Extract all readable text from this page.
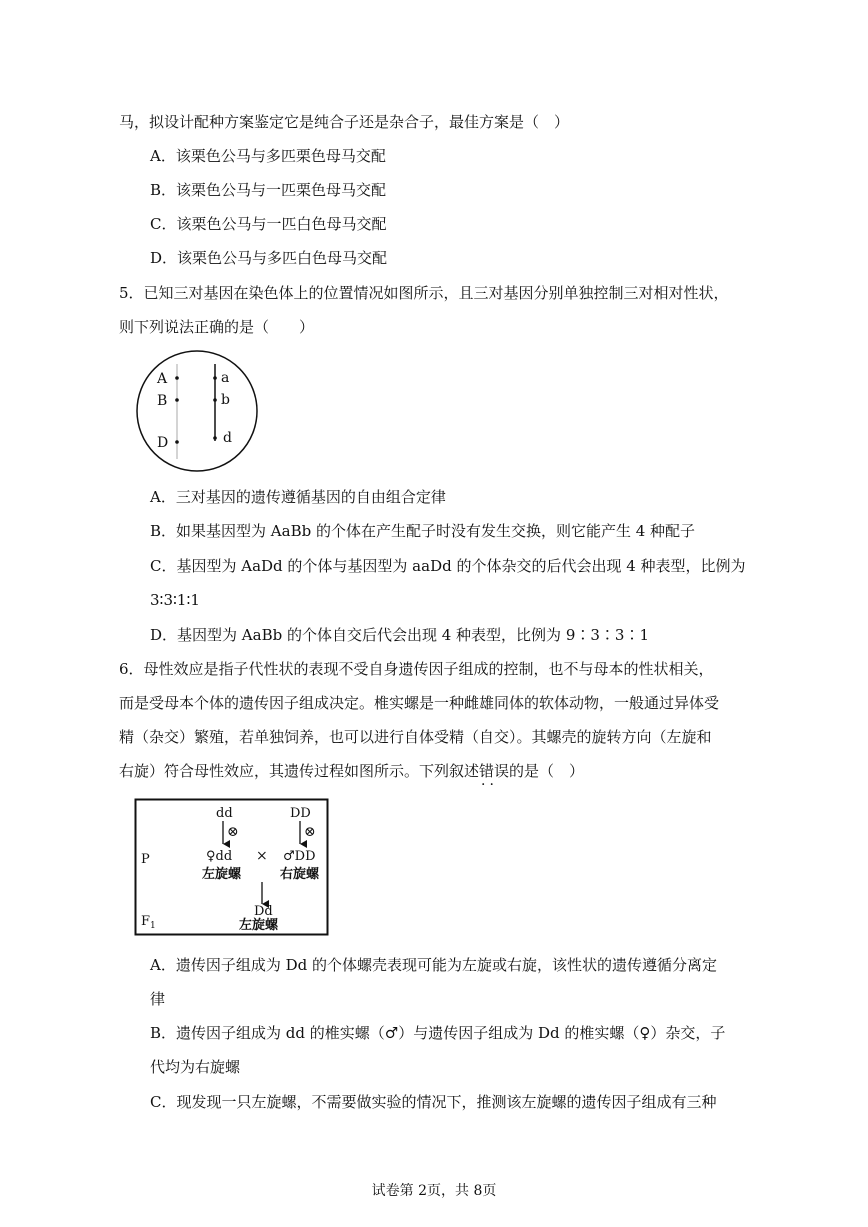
马，拟设计配种方案鉴定它是纯合子还是杂合子，最佳方案是（　）
A．该栗色公马与多匹栗色母马交配
B．该栗色公马与一匹栗色母马交配
C．该栗色公马与一匹白色母马交配
D．该栗色公马与多匹白色母马交配
5．已知三对基因在染色体上的位置情况如图所示，且三对基因分别单独控制三对相对性状，
则下列说法正确的是（　　）
A
B
D
a
b
d
A．三对基因的遗传遵循基因的自由组合定律
B．如果基因型为 AaBb 的个体在产生配子时没有发生交换，则它能产生 4 种配子
C．基因型为 AaDd 的个体与基因型为 aaDd 的个体杂交的后代会出现 4 种表型，比例为
3∶3∶1∶1
D．基因型为 AaBb 的个体自交后代会出现 4 种表型，比例为 9∶3∶3∶1
6．母性效应是指子代性状的表现不受自身遗传因子组成的控制，也不与母本的性状相关，
而是受母本个体的遗传因子组成决定。椎实螺是一种雌雄同体的软体动物，一般通过异体受
精（杂交）繁殖，若单独饲养，也可以进行自体受精（自交）。其螺壳的旋转方向（左旋和
右旋）符合母性效应，其遗传过程如图所示。下列叙述错误 ··的是（　）
dd	DD
⊗	⊗
P	♀dd × ♂DD
左旋螺	右旋螺
Dd
$F_1$	左旋螺
A．遗传因子组成为 Dd 的个体螺壳表现可能为左旋或右旋，该性状的遗传遵循分离定
律
B．遗传因子组成为 dd 的椎实螺（♂）与遗传因子组成为 Dd 的椎实螺（♀）杂交，子
代均为右旋螺
C．现发现一只左旋螺，不需要做实验的情况下，推测该左旋螺的遗传因子组成有三种
试卷第 2页，共 8页
